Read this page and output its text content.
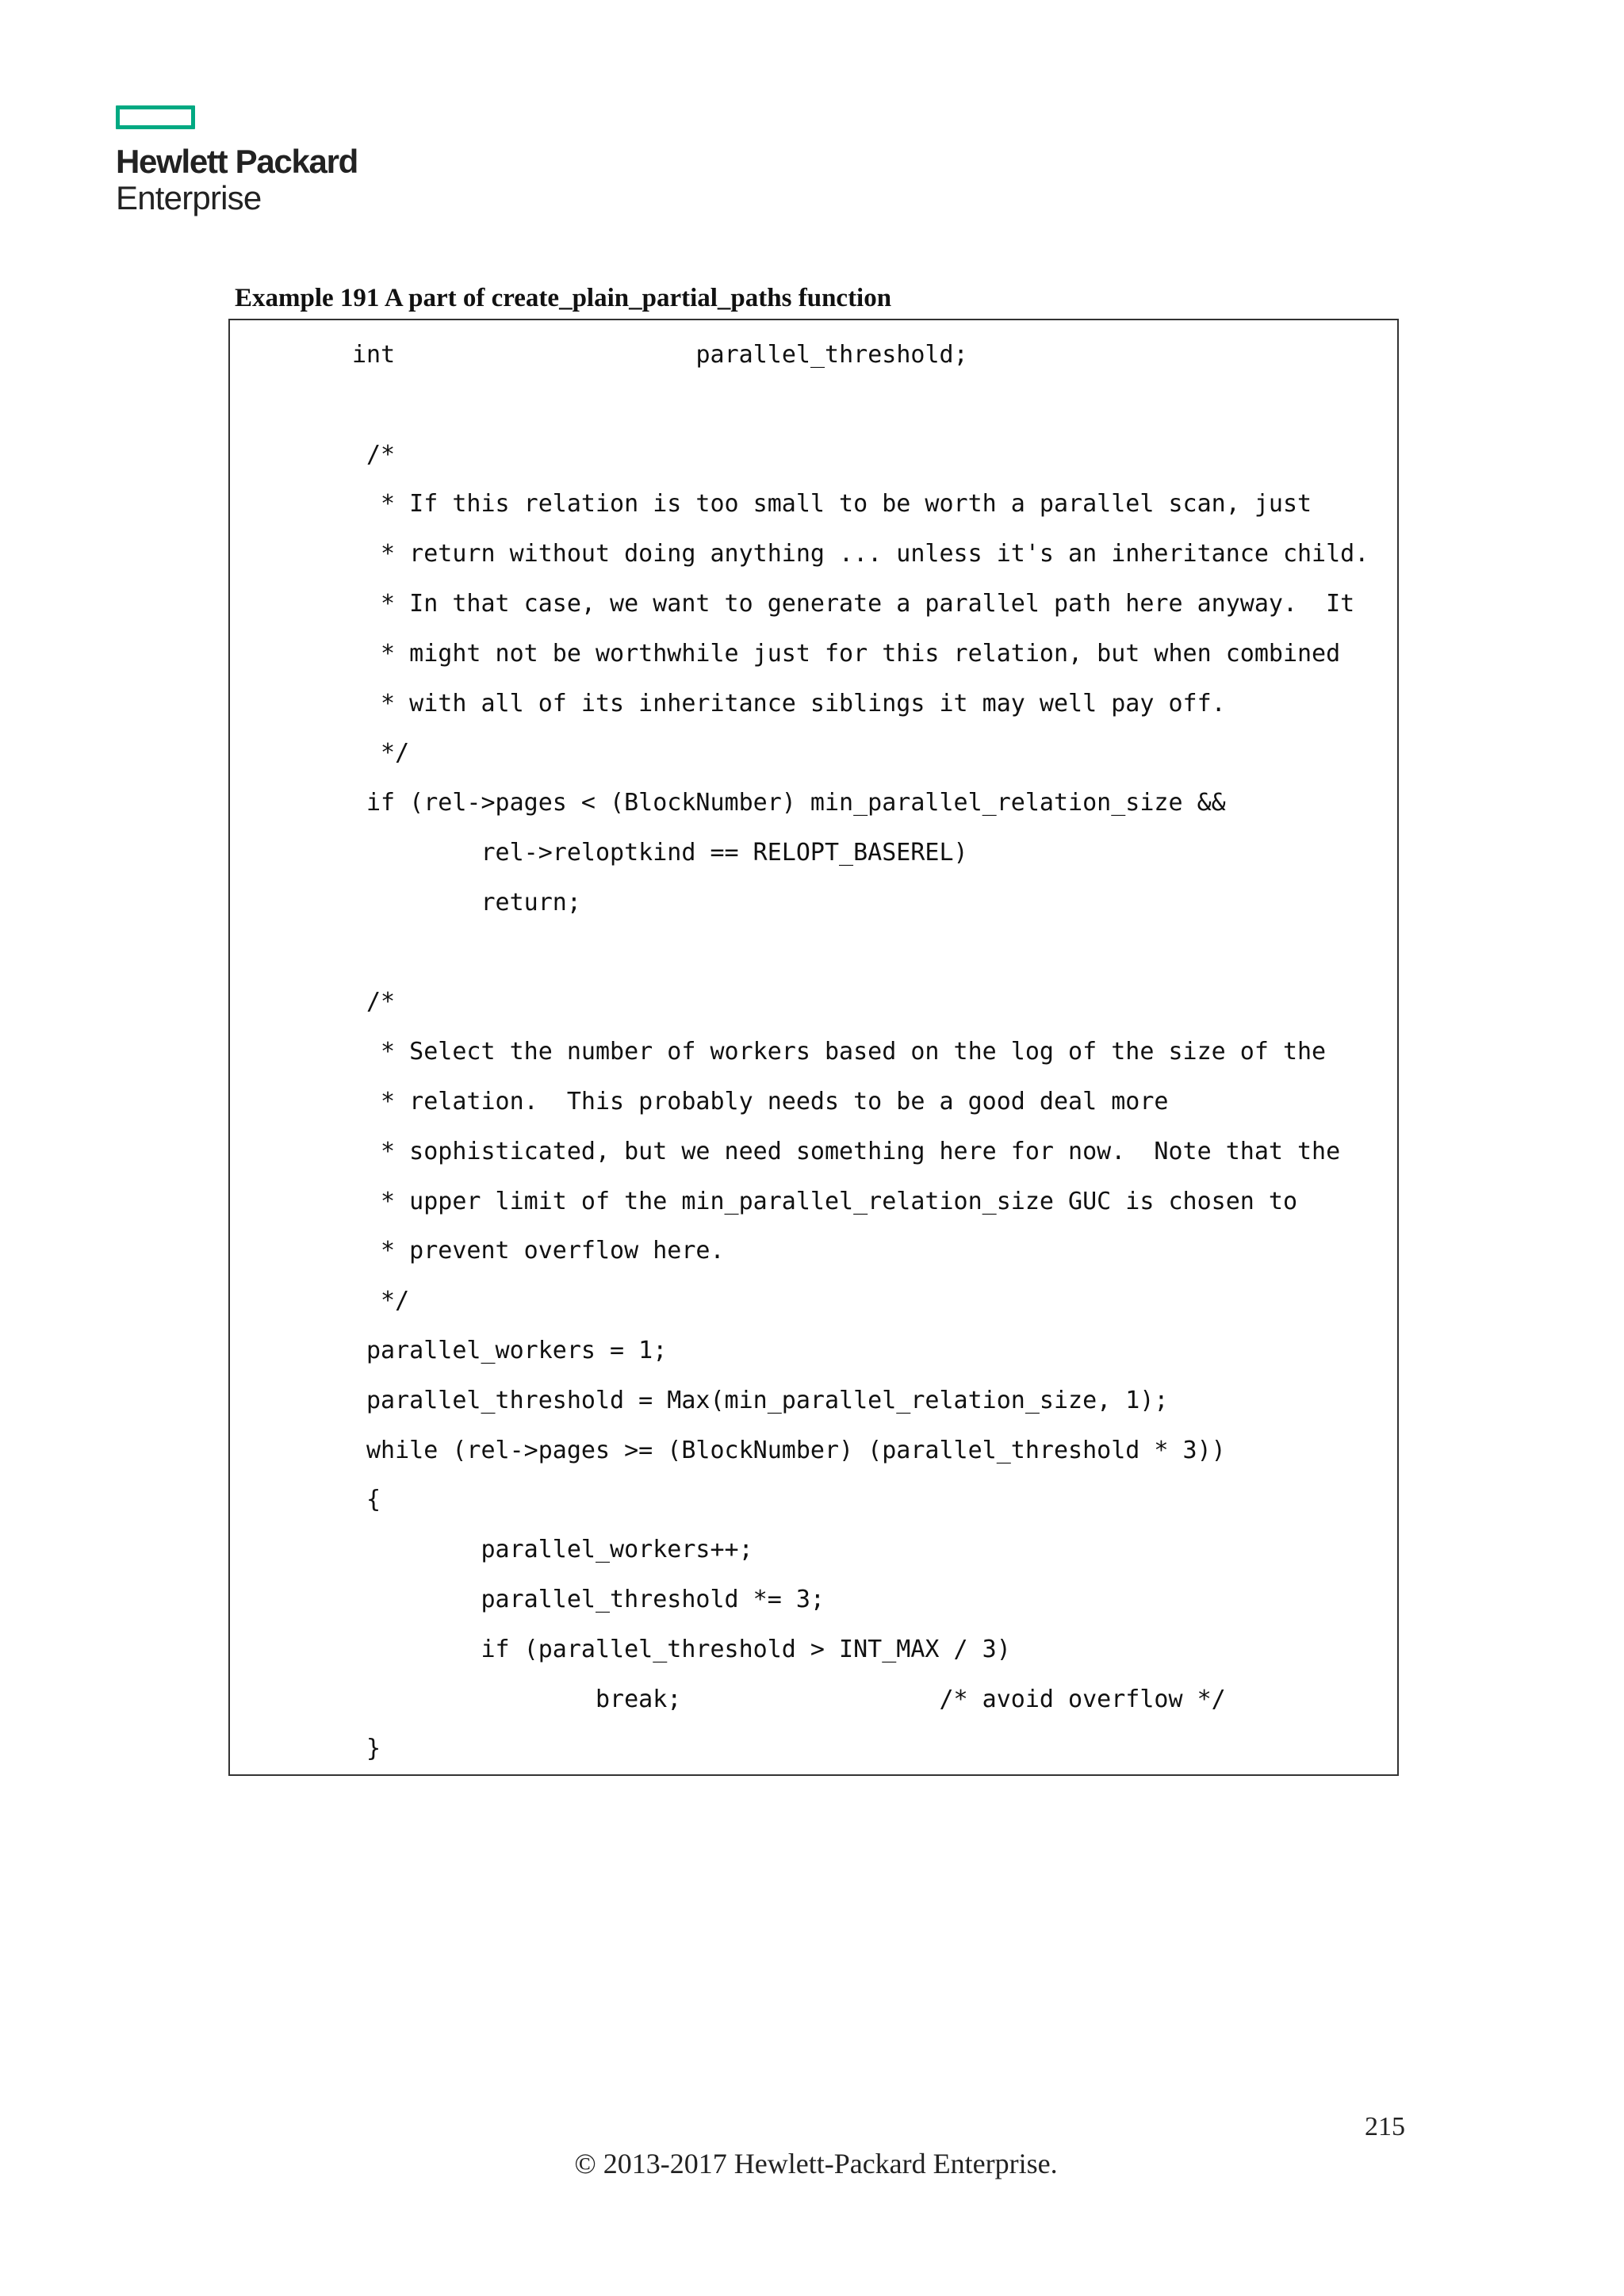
Hewlett Packard
Enterprise
Example 191 A part of create_plain_partial_paths function
int                     parallel_threshold;
/*
* If this relation is too small to be worth a parallel scan, just
* return without doing anything ... unless it's an inheritance child.
* In that case, we want to generate a parallel path here anyway.  It
* might not be worthwhile just for this relation, but when combined
* with all of its inheritance siblings it may well pay off.
*/
if (rel->pages < (BlockNumber) min_parallel_relation_size &&
rel->reloptkind == RELOPT_BASEREL)
return;
/*
* Select the number of workers based on the log of the size of the
* relation.  This probably needs to be a good deal more
* sophisticated, but we need something here for now.  Note that the
* upper limit of the min_parallel_relation_size GUC is chosen to
* prevent overflow here.
*/
parallel_workers = 1;
parallel_threshold = Max(min_parallel_relation_size, 1);
while (rel->pages >= (BlockNumber) (parallel_threshold * 3))
{
parallel_workers++;
parallel_threshold *= 3;
if (parallel_threshold > INT_MAX / 3)
break;                  /* avoid overflow */
}
215
© 2013-2017 Hewlett-Packard Enterprise.
